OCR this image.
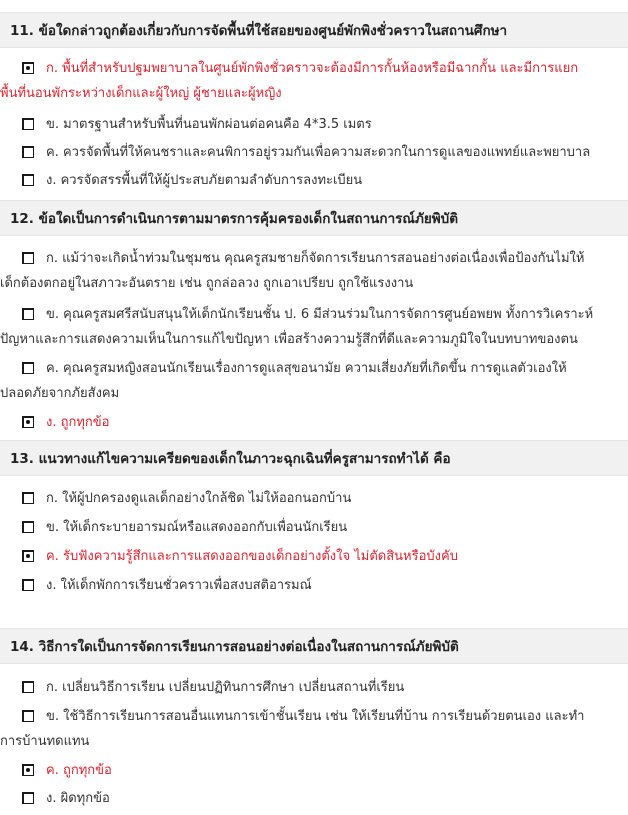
11. ข้อใดกล่าวถูกต้องเกี่ยวกับการจัดพื้นที่ใช้สอยของศูนย์พักพิงชั่วคราวในสถานศึกษา
ก. พื้นที่สำหรับปฐมพยาบาลในศูนย์พักพิงชั่วคราวจะต้องมีการกั้นห้องหรือมีฉากกั้น และมีการแยก
พื้นที่นอนพักระหว่างเด็กและผู้ใหญ่ ผู้ชายและผู้หญิง
ข. มาตรฐานสำหรับพื้นที่นอนพักผ่อนต่อคนคือ 4*3.5 เมตร
ค. ควรจัดพื้นที่ให้คนชราและคนพิการอยู่รวมกันเพื่อความสะดวกในการดูแลของแพทย์และพยาบาล
ง. ควรจัดสรรพื้นที่ให้ผู้ประสบภัยตามลำดับการลงทะเบียน
12. ข้อใดเป็นการดำเนินการตามมาตรการคุ้มครองเด็กในสถานการณ์ภัยพิบัติ
ก. แม้ว่าจะเกิดน้ำท่วมในชุมชน คุณครูสมชายก็จัดการเรียนการสอนอย่างต่อเนื่องเพื่อป้องกันไม่ให้
เด็กต้องตกอยู่ในสภาวะอันตราย เช่น ถูกล่อลวง ถูกเอาเปรียบ ถูกใช้แรงงาน
ข. คุณครูสมศรีสนับสนุนให้เด็กนักเรียนชั้น ป. 6 มีส่วนร่วมในการจัดการศูนย์อพยพ ทั้งการวิเคราะห์
ปัญหาและการแสดงความเห็นในการแก้ไขปัญหา เพื่อสร้างความรู้สึกที่ดีและความภูมิใจในบทบาทของตน
ค. คุณครูสมหญิงสอนนักเรียนเรื่องการดูแลสุขอนามัย ความเสี่ยงภัยที่เกิดขึ้น การดูแลตัวเองให้
ปลอดภัยจากภัยสังคม
ง. ถูกทุกข้อ
13. แนวทางแก้ไขความเครียดของเด็กในภาวะฉุกเฉินที่ครูสามารถทำได้ คือ
ก. ให้ผู้ปกครองดูแลเด็กอย่างใกล้ชิด ไม่ให้ออกนอกบ้าน
ข. ให้เด็กระบายอารมณ์หรือแสดงออกกับเพื่อนนักเรียน
ค. รับฟังความรู้สึกและการแสดงออกของเด็กอย่างตั้งใจ ไม่ตัดสินหรือบังคับ
ง. ให้เด็กพักการเรียนชั่วคราวเพื่อสงบสติอารมณ์
14. วิธีการใดเป็นการจัดการเรียนการสอนอย่างต่อเนื่องในสถานการณ์ภัยพิบัติ
ก. เปลี่ยนวิธีการเรียน เปลี่ยนปฏิทินการศึกษา เปลี่ยนสถานที่เรียน
ข. ใช้วิธีการเรียนการสอนอื่นแทนการเข้าชั้นเรียน เช่น ให้เรียนที่บ้าน การเรียนด้วยตนเอง และทำ
การบ้านทดแทน
ค. ถูกทุกข้อ
ง. ผิดทุกข้อ
